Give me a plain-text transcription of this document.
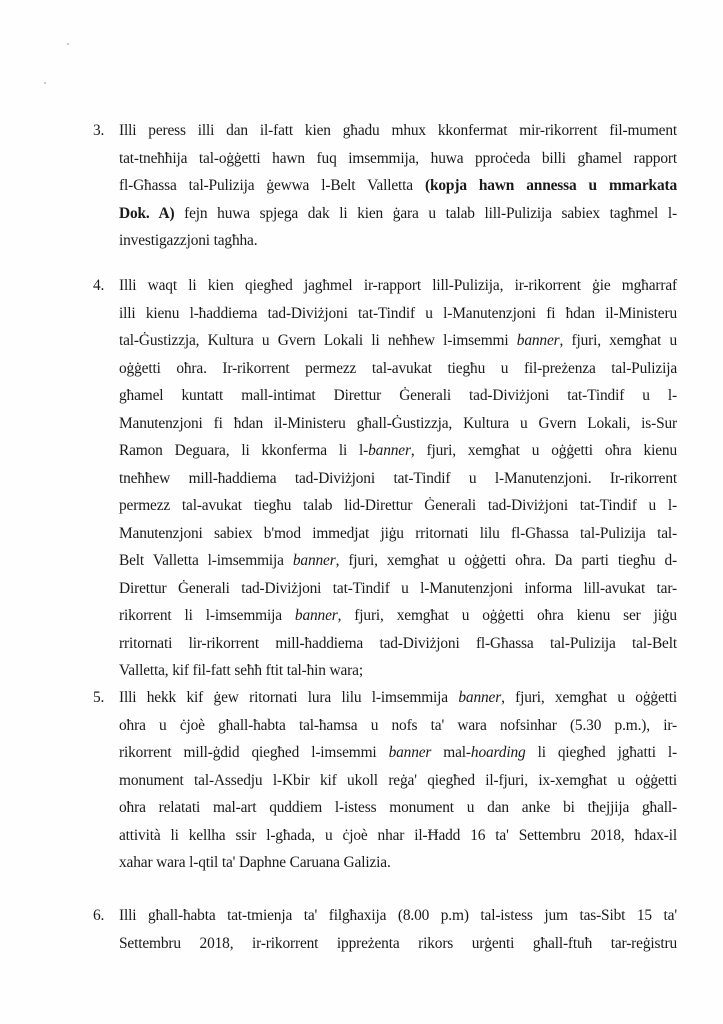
3. Illi peress illi dan il-fatt kien għadu mhux kkonfermat mir-rikorrent fil-mument
tat-tneħħija tal-oġġetti hawn fuq imsemmija, huwa pproċeda billi għamel rapport
fl-Għassa tal-Pulizija ġewwa l-Belt Valletta (kopja hawn annessa u mmarkata
Dok. A) fejn huwa spjega dak li kien ġara u talab lill-Pulizija sabiex tagħmel l-
investigazzjoni tagħha.
4. Illi waqt li kien qiegħed jagħmel ir-rapport lill-Pulizija, ir-rikorrent ġie mgħarraf
illi kienu l-ħaddiema tad-Diviżjoni tat-Tindif u l-Manutenzjoni fi ħdan il-Ministeru
tal-Ġustizzja, Kultura u Gvern Lokali li neħħew l-imsemmi banner, fjuri, xemgħat u
oġġetti oħra. Ir-rikorrent permezz tal-avukat tiegħu u fil-preżenza tal-Pulizija
għamel kuntatt mall-intimat Direttur Ġenerali tad-Diviżjoni tat-Tindif u l-
Manutenzjoni fi ħdan il-Ministeru għall-Ġustizzja, Kultura u Gvern Lokali, is-Sur
Ramon Deguara, li kkonferma li l-banner, fjuri, xemgħat u oġġetti oħra kienu
tneħħew mill-ħaddiema tad-Diviżjoni tat-Tindif u l-Manutenzjoni. Ir-rikorrent
permezz tal-avukat tiegħu talab lid-Direttur Ġenerali tad-Diviżjoni tat-Tindif u l-
Manutenzjoni sabiex b'mod immedjat jiġu rritornati lilu fl-Għassa tal-Pulizija tal-
Belt Valletta l-imsemmija banner, fjuri, xemgħat u oġġetti oħra. Da parti tiegħu d-
Direttur Ġenerali tad-Diviżjoni tat-Tindif u l-Manutenzjoni informa lill-avukat tar-
rikorrent li l-imsemmija banner, fjuri, xemgħat u oġġetti oħra kienu ser jiġu
rritornati lir-rikorrent mill-ħaddiema tad-Diviżjoni fl-Għassa tal-Pulizija tal-Belt
Valletta, kif fil-fatt seħħ ftit tal-ħin wara;
5. Illi hekk kif ġew ritornati lura lilu l-imsemmija banner, fjuri, xemgħat u oġġetti
oħra u ċjoè għall-ħabta tal-ħamsa u nofs ta' wara nofsinhar (5.30 p.m.), ir-
rikorrent mill-ġdid qiegħed l-imsemmi banner mal-hoarding li qiegħed jgħatti l-
monument tal-Assedju l-Kbir kif ukoll reġa' qiegħed il-fjuri, ix-xemgħat u oġġetti
oħra relatati mal-art quddiem l-istess monument u dan anke bi tħejjija għall-
attività li kellha ssir l-għada, u ċjoè nhar il-Ħadd 16 ta' Settembru 2018, ħdax-il
xahar wara l-qtil ta' Daphne Caruana Galizia.
6. Illi għall-ħabta tat-tmienja ta' filgħaxija (8.00 p.m) tal-istess jum tas-Sibt 15 ta'
Settembru 2018, ir-rikorrent ippreżenta rikors urġenti għall-ftuħ tar-reġistru
